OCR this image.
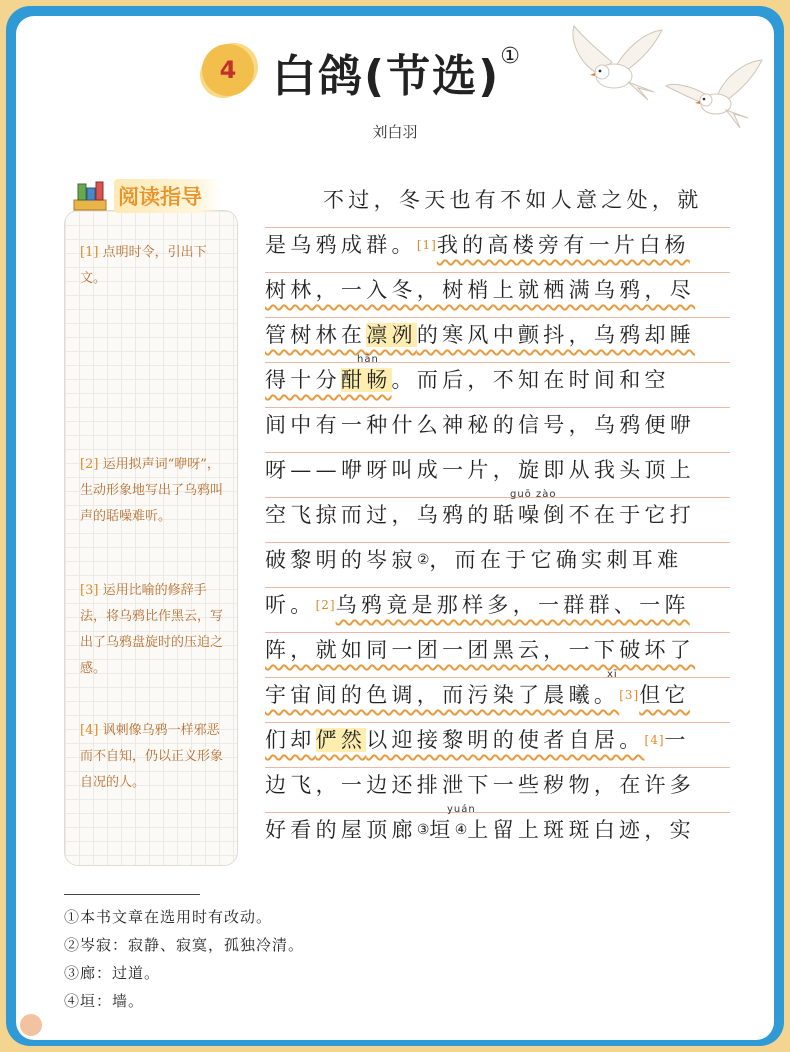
4 白鸽(节选)①
刘白羽
阅读指导
[1] 点明时令，引出下文。
[2] 运用拟声词“咿呀”，生动形象地写出了乌鸦叫声的聒噪难听。
[3] 运用比喻的修辞手法，将乌鸦比作黑云，写出了乌鸦盘旋时的压迫之感。
[4] 讽刺像乌鸦一样邪恶而不自知，仍以正义形象自况的人。
不过，冬天也有不如人意之处，就
是乌鸦成群。[1]我的高楼旁有一片白杨
树林，一入冬，树梢上就栖满乌鸦，尽
管树林在凛冽的寒风中颤抖，乌鸦却睡
hān
得十分酣畅。而后，不知在时间和空
间中有一种什么神秘的信号，乌鸦便咿
呀——咿呀叫成一片，旋即从我头顶上
guō zào
空飞掠而过，乌鸦的聒噪倒不在于它打
破黎明的岑寂②，而在于它确实刺耳难
听。[2]乌鸦竟是那样多，一群群、一阵
阵，就如同一团一团黑云，一下破坏了
xī
宇宙间的色调，而污染了晨曦。[3]但它
们却俨然以迎接黎明的使者自居。[4]一
边飞，一边还排泄下一些秽物，在许多
yuán
好看的屋顶廊③垣④上留上斑斑白迹，实
①本书文章在选用时有改动。
②岑寂：寂静、寂寞，孤独冷清。
③廊：过道。
④垣：墙。
